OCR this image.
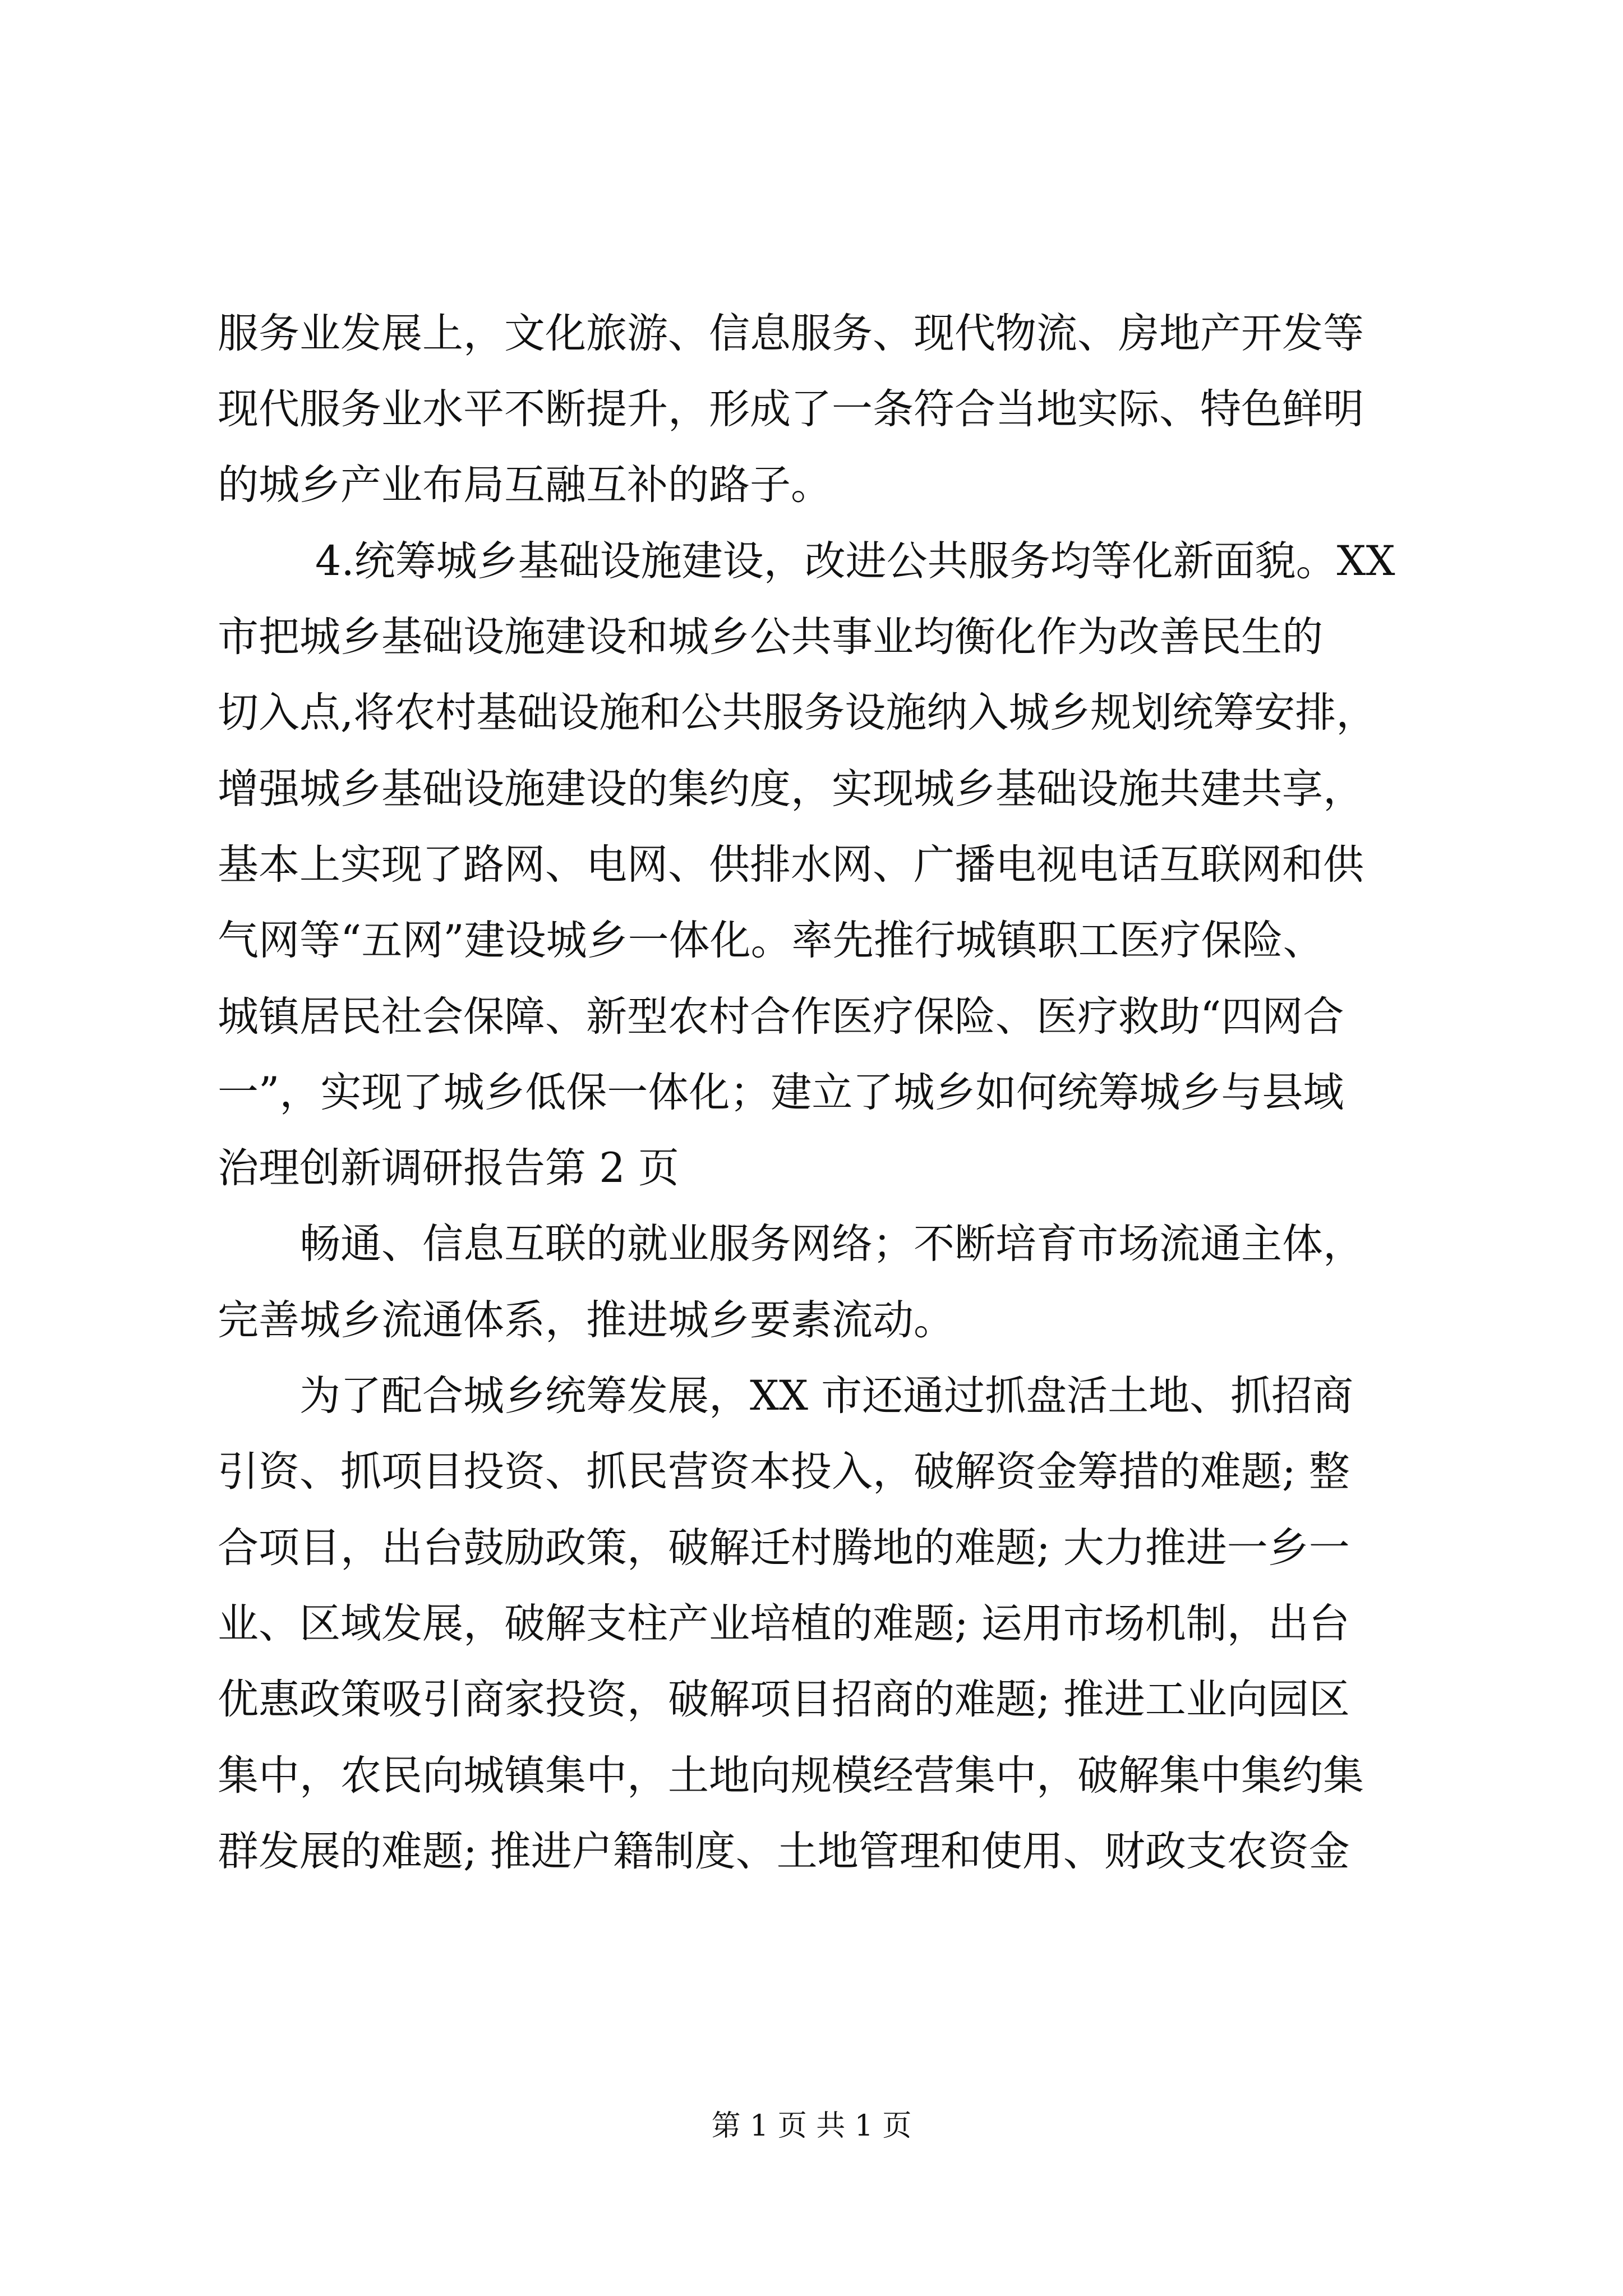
服务业发展上，文化旅游、信息服务、现代物流、房地产开发等
现代服务业水平不断提升，形成了一条符合当地实际、特色鲜明
的城乡产业布局互融互补的路子。
4.统筹城乡基础设施建设，改进公共服务均等化新面貌。XX
市把城乡基础设施建设和城乡公共事业均衡化作为改善民生的
切入点,将农村基础设施和公共服务设施纳入城乡规划统筹安排，
增强城乡基础设施建设的集约度，实现城乡基础设施共建共享，
基本上实现了路网、电网、供排水网、广播电视电话互联网和供
气网等“五网”建设城乡一体化。率先推行城镇职工医疗保险、
城镇居民社会保障、新型农村合作医疗保险、医疗救助“四网合
一”，实现了城乡低保一体化；建立了城乡如何统筹城乡与县域
治理创新调研报告第 2 页
畅通、信息互联的就业服务网络；不断培育市场流通主体，
完善城乡流通体系，推进城乡要素流动。
为了配合城乡统筹发展，XX 市还通过抓盘活土地、抓招商
引资、抓项目投资、抓民营资本投入，破解资金筹措的难题; 整
合项目，出台鼓励政策，破解迁村腾地的难题; 大力推进一乡一
业、区域发展，破解支柱产业培植的难题; 运用市场机制，出台
优惠政策吸引商家投资，破解项目招商的难题; 推进工业向园区
集中，农民向城镇集中，土地向规模经营集中，破解集中集约集
群发展的难题; 推进户籍制度、土地管理和使用、财政支农资金
第 1 页 共 1 页
